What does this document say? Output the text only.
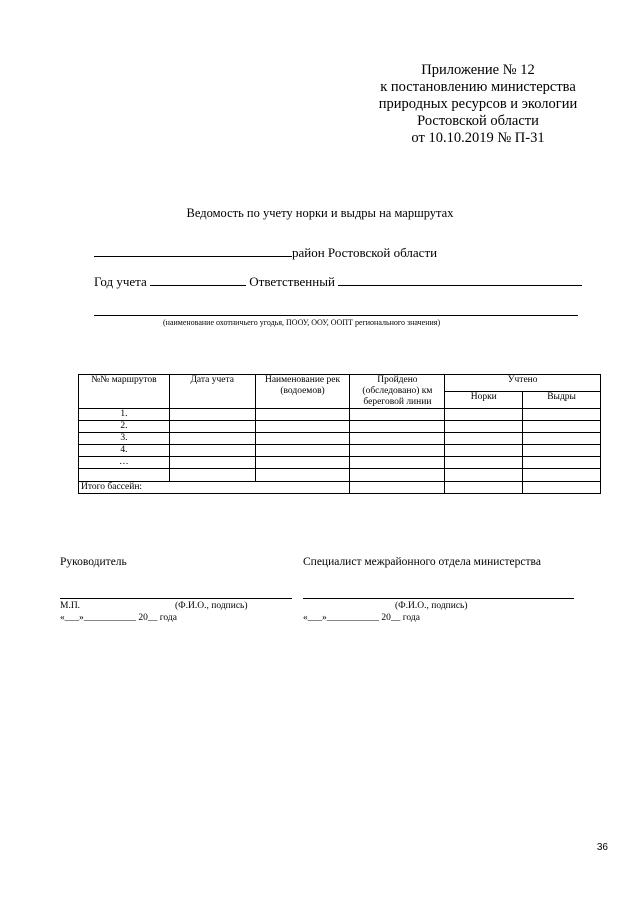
Приложение № 12
к постановлению министерства
природных ресурсов и экологии
Ростовской области
от 10.10.2019 № П-31
Ведомость по учету норки и выдры на маршрутах
район Ростовской области
Год учета	Ответственный
(наименование охотничьего угодья, ПООУ, ООУ, ООПТ регионального значения)
№№ маршрутов	Дата учета	Наименование рек (водоемов)	Пройдено (обследовано) км береговой линии	Учтено	
				Норки	Выдры
1.					
2.					
3.					
4.					
…					

Итого бассейн:					
Руководитель	Специалист межрайонного отдела министерства
М.П.	(Ф.И.О., подпись)	(Ф.И.О., подпись)
«___»___________ 20__ года	«___»___________ 20__ года
36
